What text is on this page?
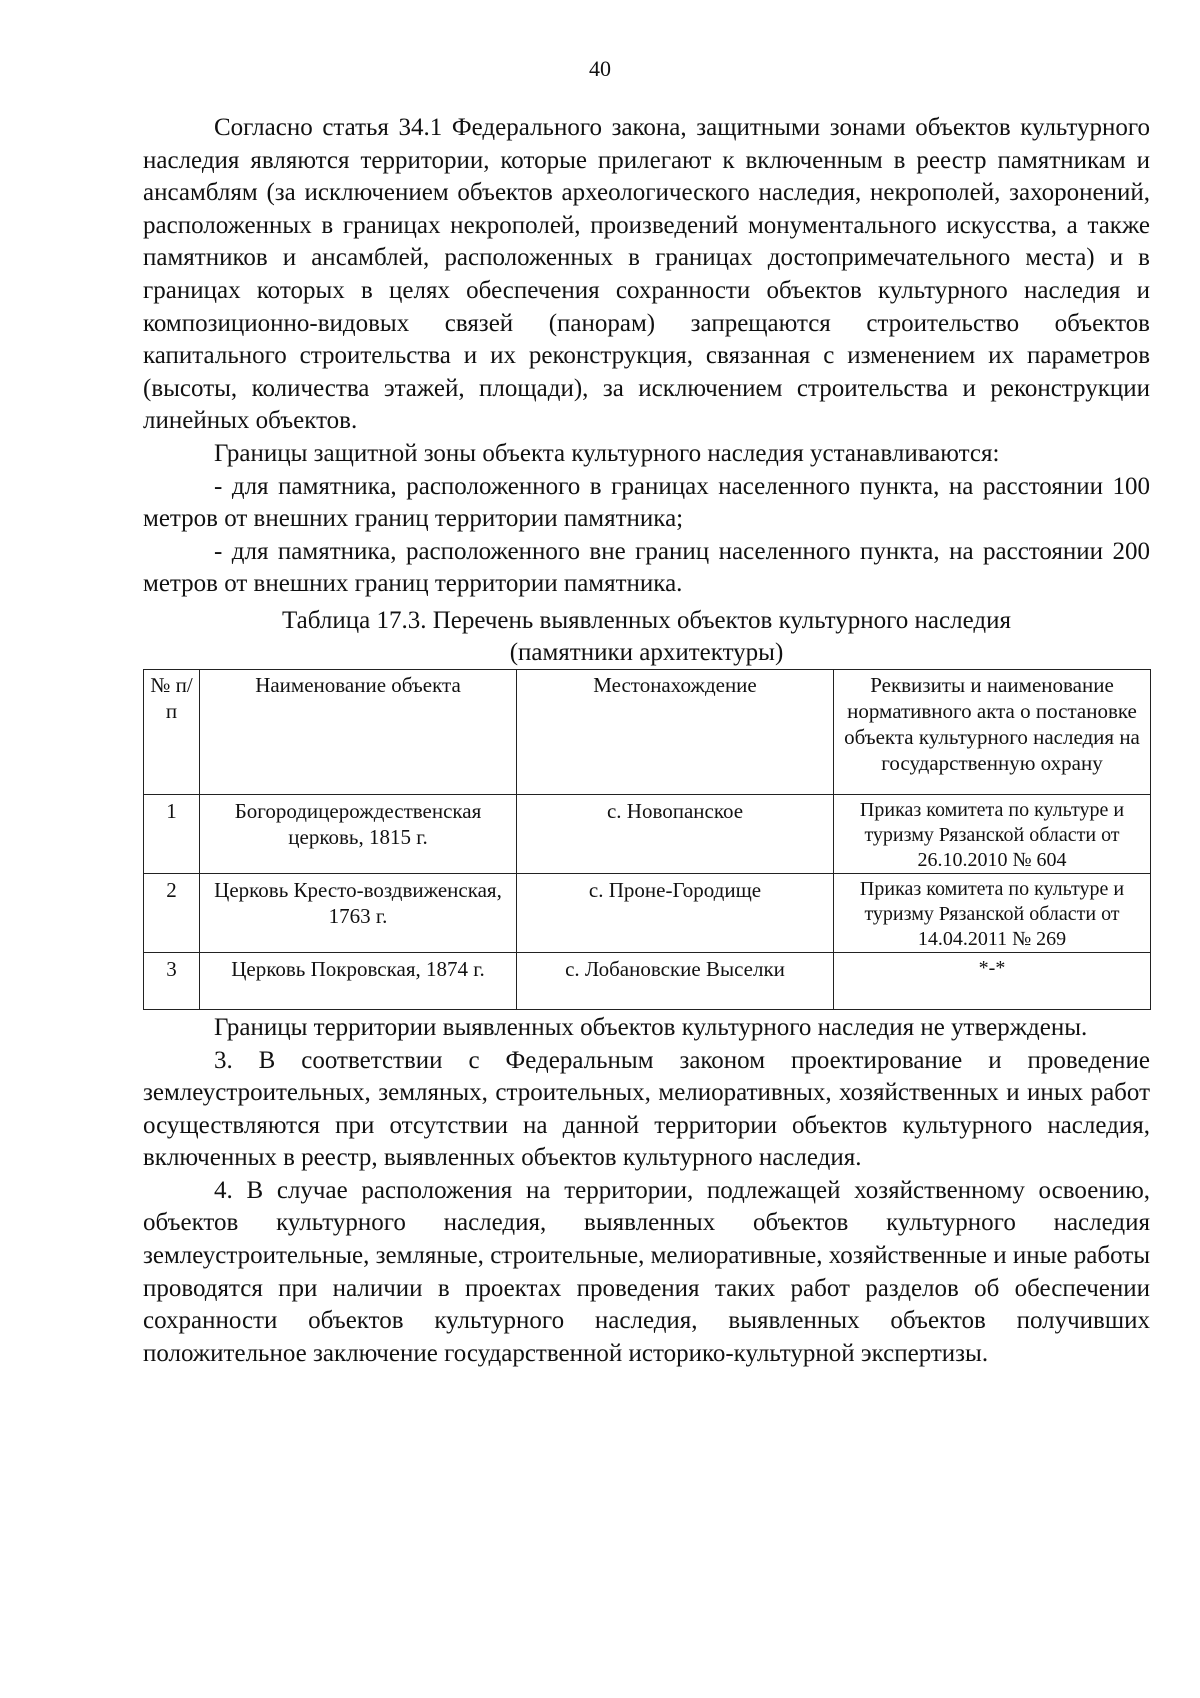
40

Согласно статья 34.1 Федерального закона, защитными зонами объектов культурного наследия являются территории, которые прилегают к включенным в реестр памятникам и ансамблям (за исключением объектов археологического наследия, некрополей, захоронений, расположенных в границах некрополей, произведений монументального искусства, а также памятников и ансамблей, расположенных в границах достопримечательного места) и в границах которых в целях обеспечения сохранности объектов культурного наследия и композиционно-видовых связей (панорам) запрещаются строительство объектов капитального строительства и их реконструкция, связанная с изменением их параметров (высоты, количества этажей, площади), за исключением строительства и реконструкции линейных объектов.

Границы защитной зоны объекта культурного наследия устанавливаются:

- для памятника, расположенного в границах населенного пункта, на расстоянии 100 метров от внешних границ территории памятника;

- для памятника, расположенного вне границ населенного пункта, на расстоянии 200 метров от внешних границ территории памятника.

Таблица 17.3. Перечень выявленных объектов культурного наследия
(памятники архитектуры)
№ п/п	Наименование объекта	Местонахождение	Реквизиты и наименование нормативного акта о постановке объекта культурного наследия на государственную охрану
1	Богородицерождественская церковь, 1815 г.	с. Новопанское	Приказ комитета по культуре и туризму Рязанской области от 26.10.2010 № 604
2	Церковь Кресто-воздвиженская, 1763 г.	с. Проне-Городище	Приказ комитета по культуре и туризму Рязанской области от 14.04.2011 № 269
3	Церковь Покровская, 1874 г.	с. Лобановские Выселки	*-*

Границы территории выявленных объектов культурного наследия не утверждены.

3. В соответствии с Федеральным законом проектирование и проведение землеустроительных, земляных, строительных, мелиоративных, хозяйственных и иных работ осуществляются при отсутствии на данной территории объектов культурного наследия, включенных в реестр, выявленных объектов культурного наследия.

4. В случае расположения на территории, подлежащей хозяйственному освоению, объектов культурного наследия, выявленных объектов культурного наследия землеустроительные, земляные, строительные, мелиоративные, хозяйственные и иные работы проводятся при наличии в проектах проведения таких работ разделов об обеспечении сохранности объектов культурного наследия, выявленных объектов получивших положительное заключение государственной историко-культурной экспертизы.
